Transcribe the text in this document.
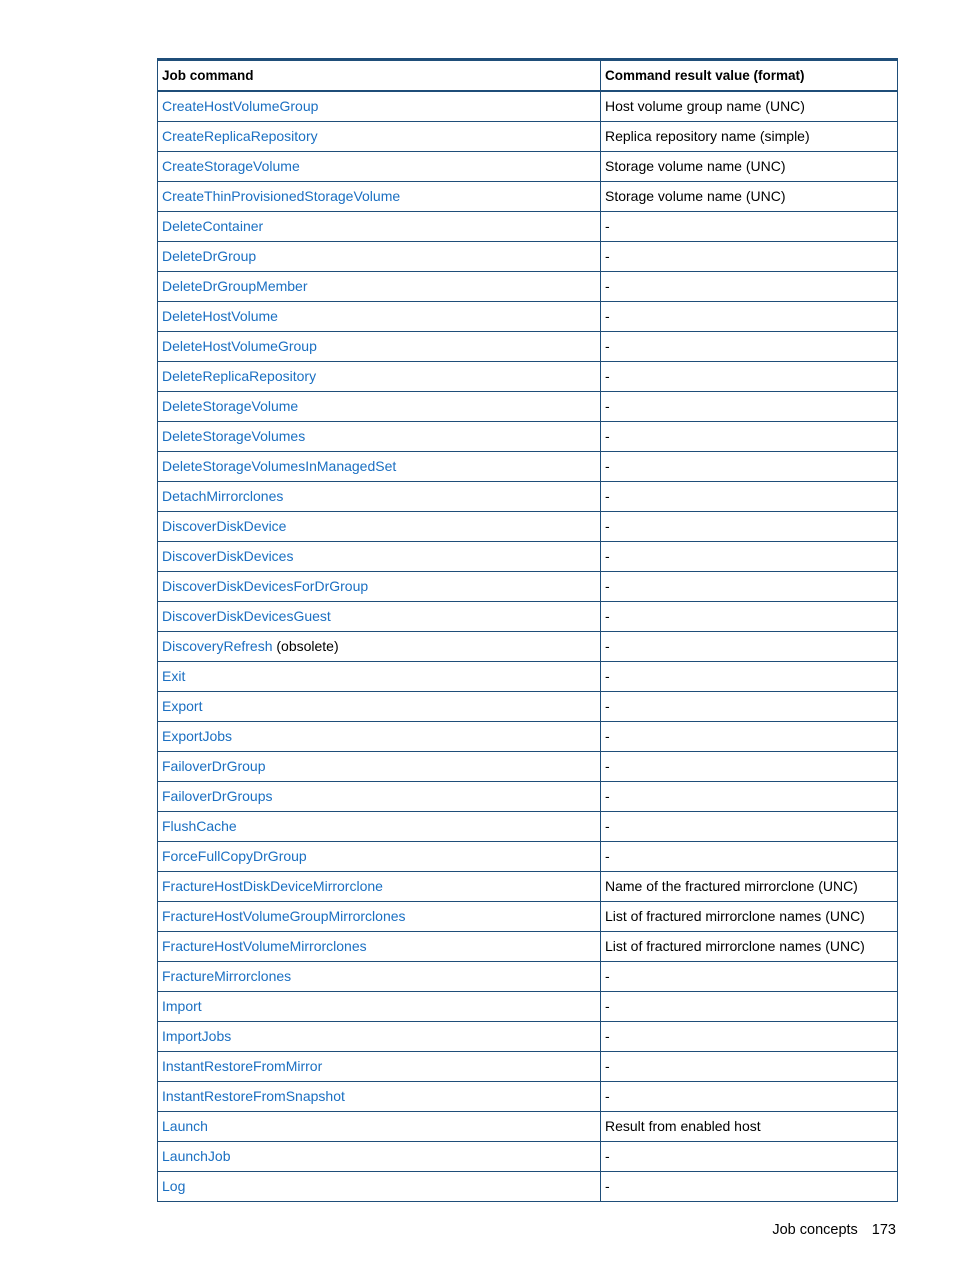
Job command	Command result value (format)
CreateHostVolumeGroup	Host volume group name (UNC)
CreateReplicaRepository	Replica repository name (simple)
CreateStorageVolume	Storage volume name (UNC)
CreateThinProvisionedStorageVolume	Storage volume name (UNC)
DeleteContainer	-
DeleteDrGroup	-
DeleteDrGroupMember	-
DeleteHostVolume	-
DeleteHostVolumeGroup	-
DeleteReplicaRepository	-
DeleteStorageVolume	-
DeleteStorageVolumes	-
DeleteStorageVolumesInManagedSet	-
DetachMirrorclones	-
DiscoverDiskDevice	-
DiscoverDiskDevices	-
DiscoverDiskDevicesForDrGroup	-
DiscoverDiskDevicesGuest	-
DiscoveryRefresh (obsolete)	-
Exit	-
Export	-
ExportJobs	-
FailoverDrGroup	-
FailoverDrGroups	-
FlushCache	-
ForceFullCopyDrGroup	-
FractureHostDiskDeviceMirrorclone	Name of the fractured mirrorclone (UNC)
FractureHostVolumeGroupMirrorclones	List of fractured mirrorclone names (UNC)
FractureHostVolumeMirrorclones	List of fractured mirrorclone names (UNC)
FractureMirrorclones	-
Import	-
ImportJobs	-
InstantRestoreFromMirror	-
InstantRestoreFromSnapshot	-
Launch	Result from enabled host
LaunchJob	-
Log	-
Job concepts 173
